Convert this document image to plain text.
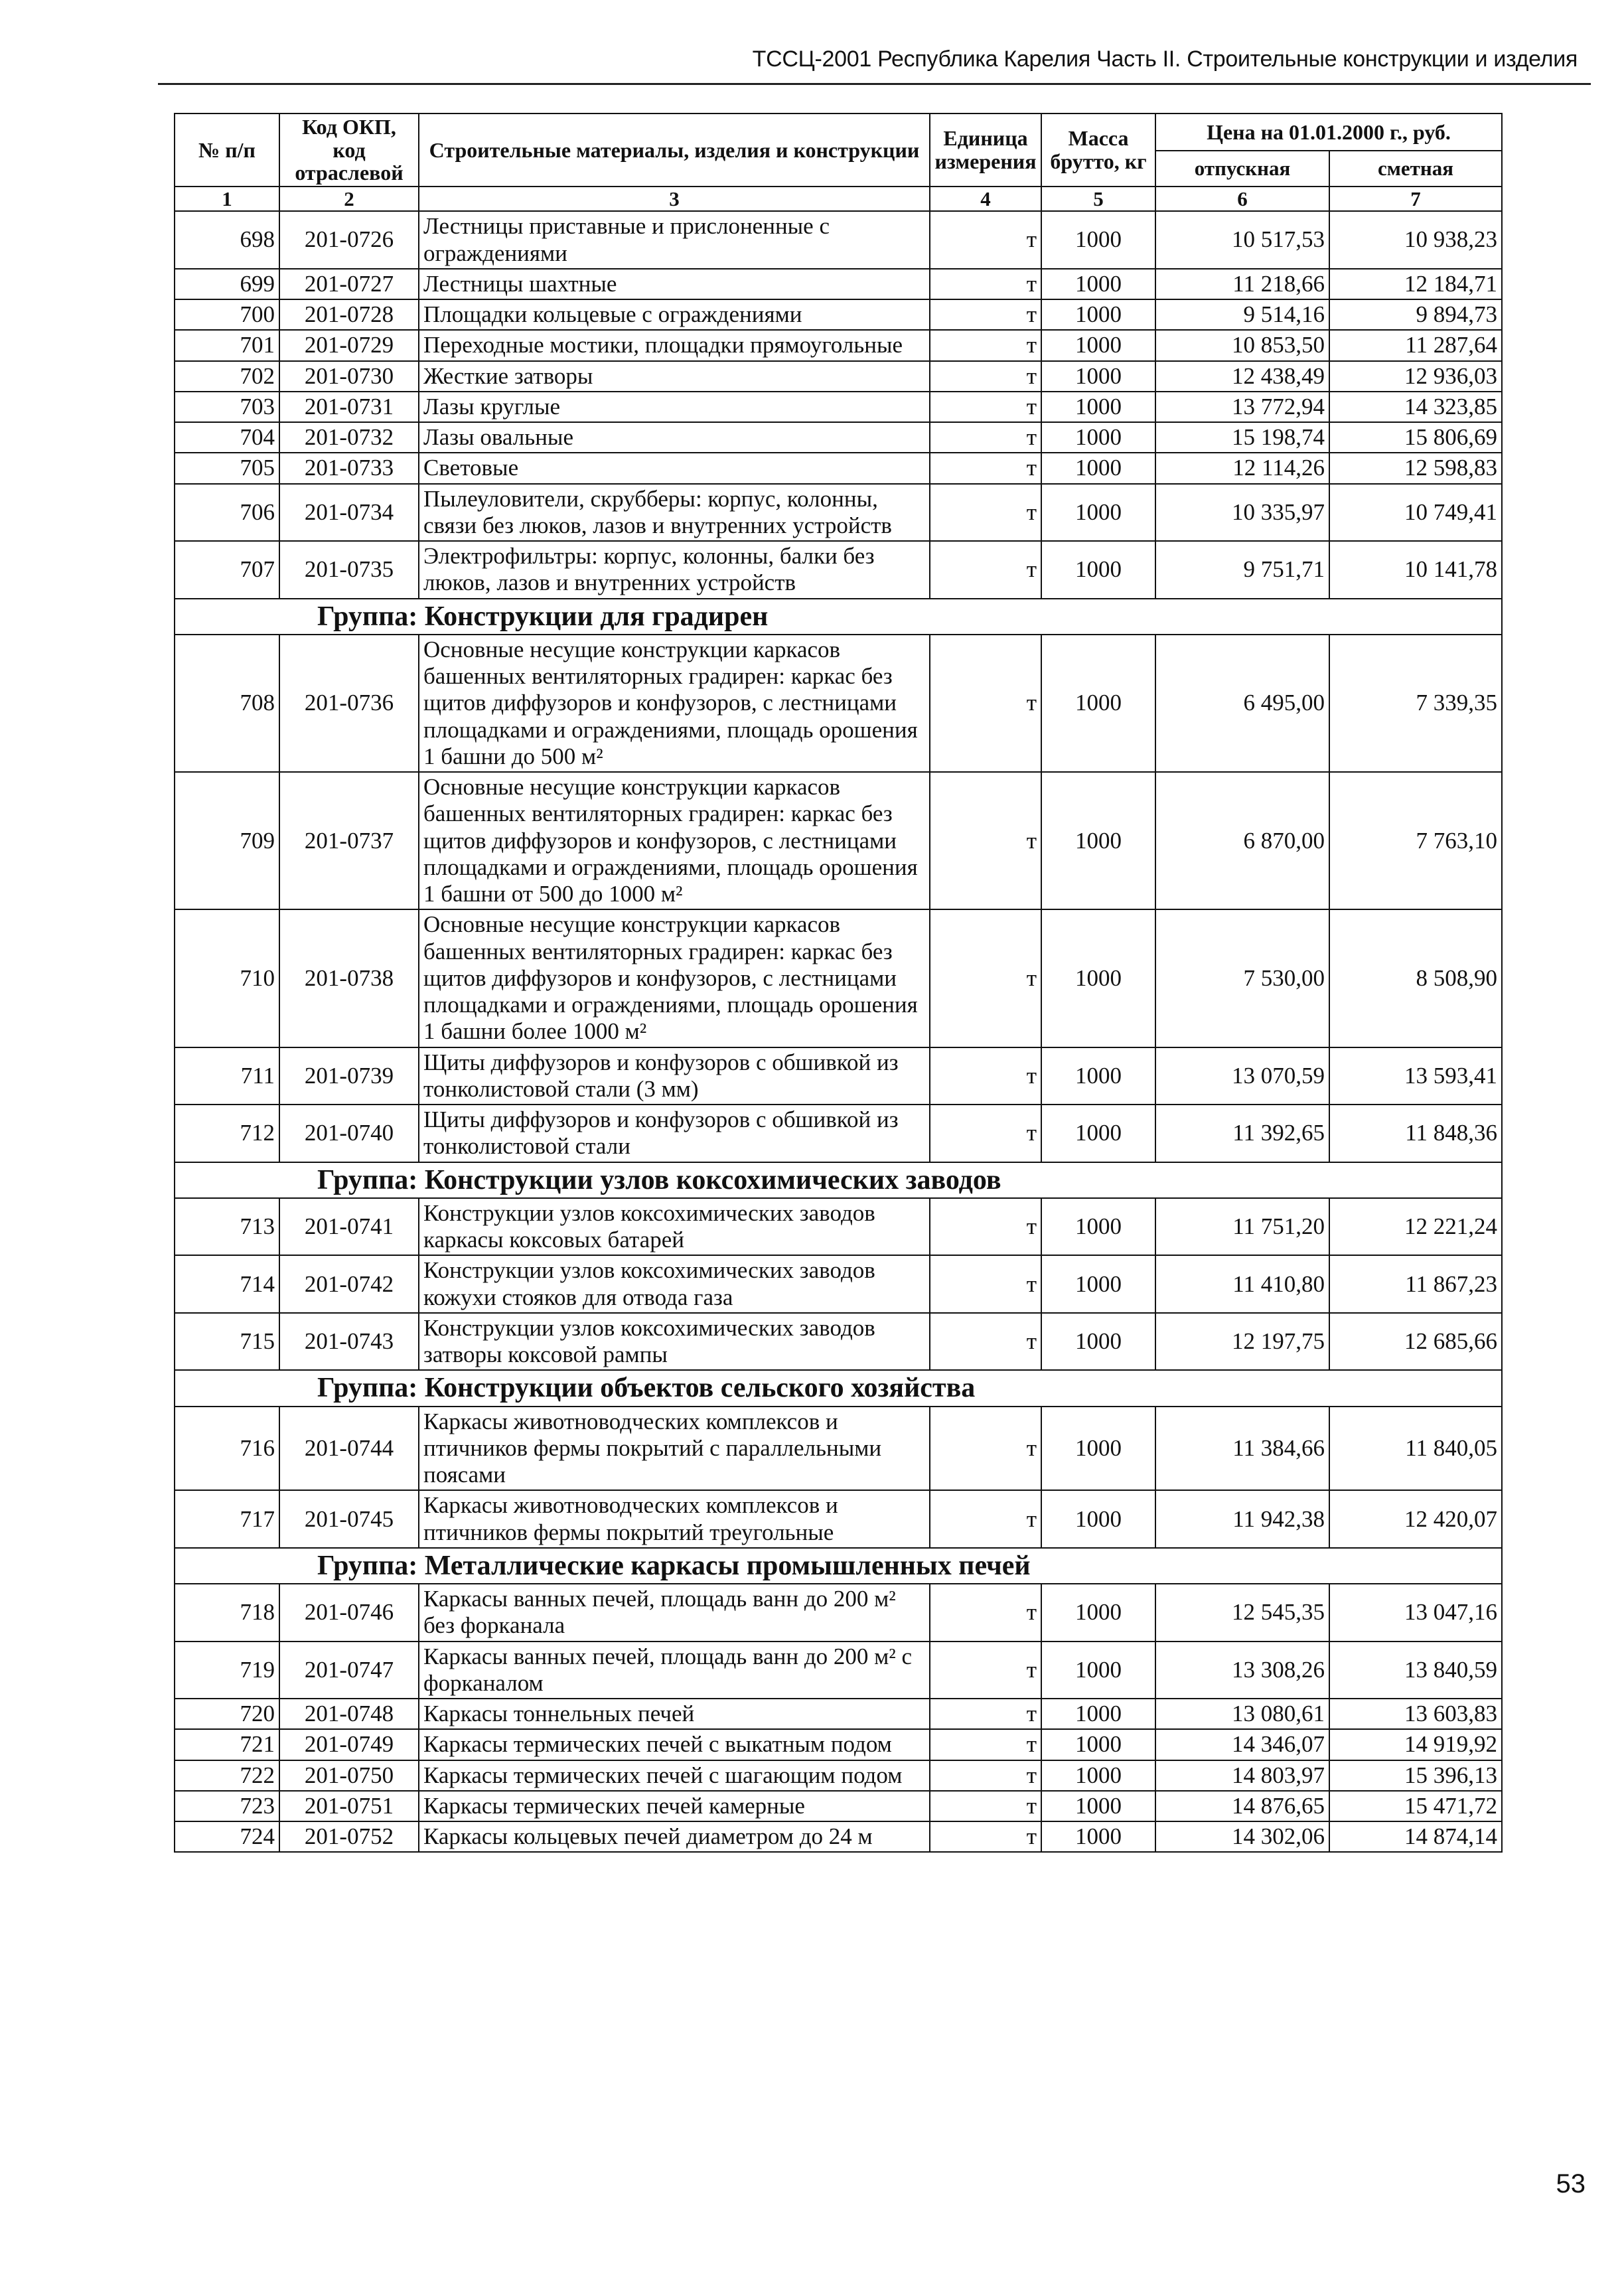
ТССЦ-2001 Республика Карелия Часть II. Строительные конструкции и изделия
№ п/п	Код ОКП, код отраслевой	Строительные материалы, изделия и конструкции	Единица измерения	Масса брутто, кг	Цена на 01.01.2000 г., руб.	
					отпускная	сметная
1	2	3	4	5	6	7
698	201-0726	Лестницы приставные и прислоненные с ограждениями	т	1000	10 517,53	10 938,23
699	201-0727	Лестницы шахтные	т	1000	11 218,66	12 184,71
700	201-0728	Площадки кольцевые с ограждениями	т	1000	9 514,16	9 894,73
701	201-0729	Переходные мостики, площадки прямоугольные	т	1000	10 853,50	11 287,64
702	201-0730	Жесткие затворы	т	1000	12 438,49	12 936,03
703	201-0731	Лазы круглые	т	1000	13 772,94	14 323,85
704	201-0732	Лазы овальные	т	1000	15 198,74	15 806,69
705	201-0733	Световые	т	1000	12 114,26	12 598,83
706	201-0734	Пылеуловители, скрубберы: корпус, колонны, связи без люков, лазов и внутренних устройств	т	1000	10 335,97	10 749,41
707	201-0735	Электрофильтры: корпус, колонны, балки без люков, лазов и внутренних устройств	т	1000	9 751,71	10 141,78
Группа: Конструкции для градирен						
708	201-0736	Основные несущие конструкции каркасов башенных вентиляторных градирен: каркас без щитов диффузоров и конфузоров, с лестницами площадками и ограждениями, площадь орошения 1 башни до 500 м²	т	1000	6 495,00	7 339,35
709	201-0737	Основные несущие конструкции каркасов башенных вентиляторных градирен: каркас без щитов диффузоров и конфузоров, с лестницами площадками и ограждениями, площадь орошения 1 башни от 500 до 1000 м²	т	1000	6 870,00	7 763,10
710	201-0738	Основные несущие конструкции каркасов башенных вентиляторных градирен: каркас без щитов диффузоров и конфузоров, с лестницами площадками и ограждениями, площадь орошения 1 башни более 1000 м²	т	1000	7 530,00	8 508,90
711	201-0739	Щиты диффузоров и конфузоров с обшивкой из тонколистовой стали (3 мм)	т	1000	13 070,59	13 593,41
712	201-0740	Щиты диффузоров и конфузоров с обшивкой из тонколистовой стали	т	1000	11 392,65	11 848,36
Группа: Конструкции узлов коксохимических заводов						
713	201-0741	Конструкции узлов коксохимических заводов каркасы коксовых батарей	т	1000	11 751,20	12 221,24
714	201-0742	Конструкции узлов коксохимических заводов кожухи стояков для отвода газа	т	1000	11 410,80	11 867,23
715	201-0743	Конструкции узлов коксохимических заводов затворы коксовой рампы	т	1000	12 197,75	12 685,66
Группа: Конструкции объектов сельского хозяйства						
716	201-0744	Каркасы животноводческих комплексов и птичников фермы покрытий с параллельными поясами	т	1000	11 384,66	11 840,05
717	201-0745	Каркасы животноводческих комплексов и птичников фермы покрытий треугольные	т	1000	11 942,38	12 420,07
Группа: Металлические каркасы промышленных печей						
718	201-0746	Каркасы ванных печей, площадь ванн до 200 м² без форканала	т	1000	12 545,35	13 047,16
719	201-0747	Каркасы ванных печей, площадь ванн до 200 м² с форканалом	т	1000	13 308,26	13 840,59
720	201-0748	Каркасы тоннельных печей	т	1000	13 080,61	13 603,83
721	201-0749	Каркасы термических печей с выкатным подом	т	1000	14 346,07	14 919,92
722	201-0750	Каркасы термических печей с шагающим подом	т	1000	14 803,97	15 396,13
723	201-0751	Каркасы термических печей камерные	т	1000	14 876,65	15 471,72
724	201-0752	Каркасы кольцевых печей диаметром до 24 м	т	1000	14 302,06	14 874,14
53
